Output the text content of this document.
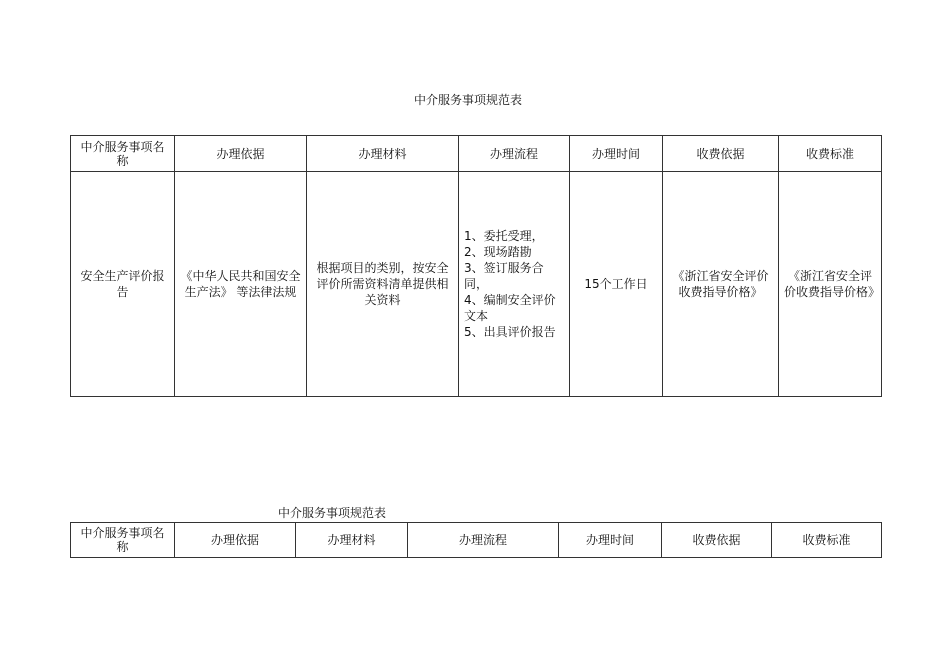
中介服务事项规范表
中介服务事项名称	办理依据	办理材料	办理流程	办理时间	收费依据	收费标准
安全生产评价报告	《中华人民共和国安全生产法》 等法律法规	根据项目的类别，按安全评价所需资料清单提供相关资料	1、委托受理，
2、现场踏勘
3、签订服务合同，
4、编制安全评价文本
5、出具评价报告	15个工作日	《浙江省安全评价收费指导价格》	《浙江省安全评价收费指导价格》
中介服务事项规范表
中介服务事项名称	办理依据	办理材料	办理流程	办理时间	收费依据	收费标准
